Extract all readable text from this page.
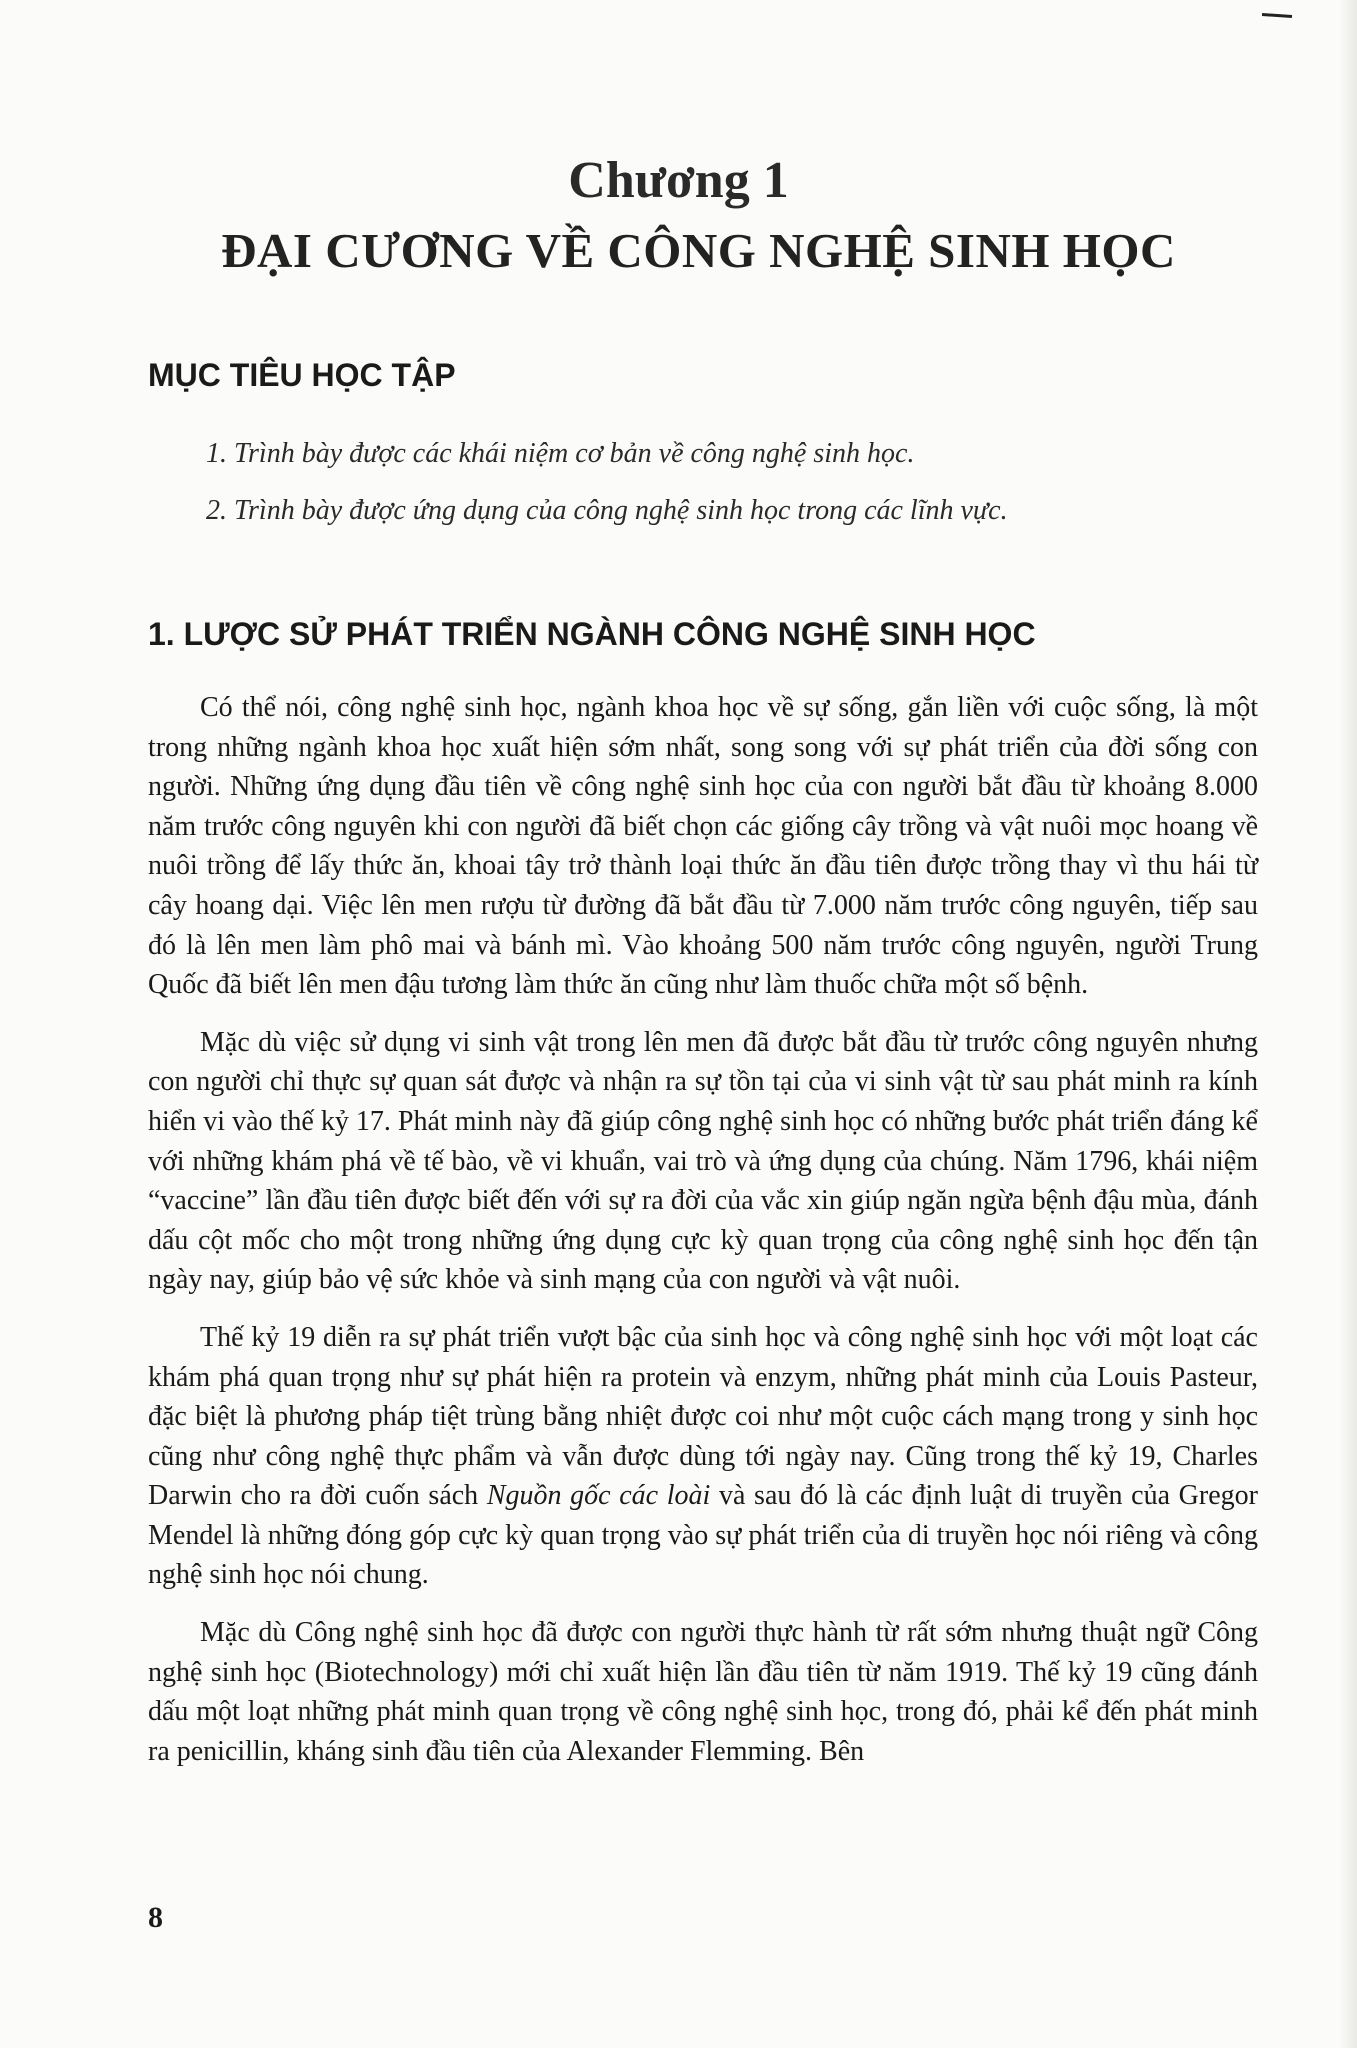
Chương 1
ĐẠI CƯƠNG VỀ CÔNG NGHỆ SINH HỌC
MỤC TIÊU HỌC TẬP
1. Trình bày được các khái niệm cơ bản về công nghệ sinh học.
2. Trình bày được ứng dụng của công nghệ sinh học trong các lĩnh vực.
1. LƯỢC SỬ PHÁT TRIỂN NGÀNH CÔNG NGHỆ SINH HỌC

Có thể nói, công nghệ sinh học, ngành khoa học về sự sống, gắn liền với cuộc sống, là một trong những ngành khoa học xuất hiện sớm nhất, song song với sự phát triển của đời sống con người. Những ứng dụng đầu tiên về công nghệ sinh học của con người bắt đầu từ khoảng 8.000 năm trước công nguyên khi con người đã biết chọn các giống cây trồng và vật nuôi mọc hoang về nuôi trồng để lấy thức ăn, khoai tây trở thành loại thức ăn đầu tiên được trồng thay vì thu hái từ cây hoang dại. Việc lên men rượu từ đường đã bắt đầu từ 7.000 năm trước công nguyên, tiếp sau đó là lên men làm phô mai và bánh mì. Vào khoảng 500 năm trước công nguyên, người Trung Quốc đã biết lên men đậu tương làm thức ăn cũng như làm thuốc chữa một số bệnh.

Mặc dù việc sử dụng vi sinh vật trong lên men đã được bắt đầu từ trước công nguyên nhưng con người chỉ thực sự quan sát được và nhận ra sự tồn tại của vi sinh vật từ sau phát minh ra kính hiển vi vào thế kỷ 17. Phát minh này đã giúp công nghệ sinh học có những bước phát triển đáng kể với những khám phá về tế bào, về vi khuẩn, vai trò và ứng dụng của chúng. Năm 1796, khái niệm “vaccine” lần đầu tiên được biết đến với sự ra đời của vắc xin giúp ngăn ngừa bệnh đậu mùa, đánh dấu cột mốc cho một trong những ứng dụng cực kỳ quan trọng của công nghệ sinh học đến tận ngày nay, giúp bảo vệ sức khỏe và sinh mạng của con người và vật nuôi.

Thế kỷ 19 diễn ra sự phát triển vượt bậc của sinh học và công nghệ sinh học với một loạt các khám phá quan trọng như sự phát hiện ra protein và enzym, những phát minh của Louis Pasteur, đặc biệt là phương pháp tiệt trùng bằng nhiệt được coi như một cuộc cách mạng trong y sinh học cũng như công nghệ thực phẩm và vẫn được dùng tới ngày nay. Cũng trong thế kỷ 19, Charles Darwin cho ra đời cuốn sách Nguồn gốc các loài và sau đó là các định luật di truyền của Gregor Mendel là những đóng góp cực kỳ quan trọng vào sự phát triển của di truyền học nói riêng và công nghệ sinh học nói chung.

Mặc dù Công nghệ sinh học đã được con người thực hành từ rất sớm nhưng thuật ngữ Công nghệ sinh học (Biotechnology) mới chỉ xuất hiện lần đầu tiên từ năm 1919. Thế kỷ 19 cũng đánh dấu một loạt những phát minh quan trọng về công nghệ sinh học, trong đó, phải kể đến phát minh ra penicillin, kháng sinh đầu tiên của Alexander Flemming. Bên

8
